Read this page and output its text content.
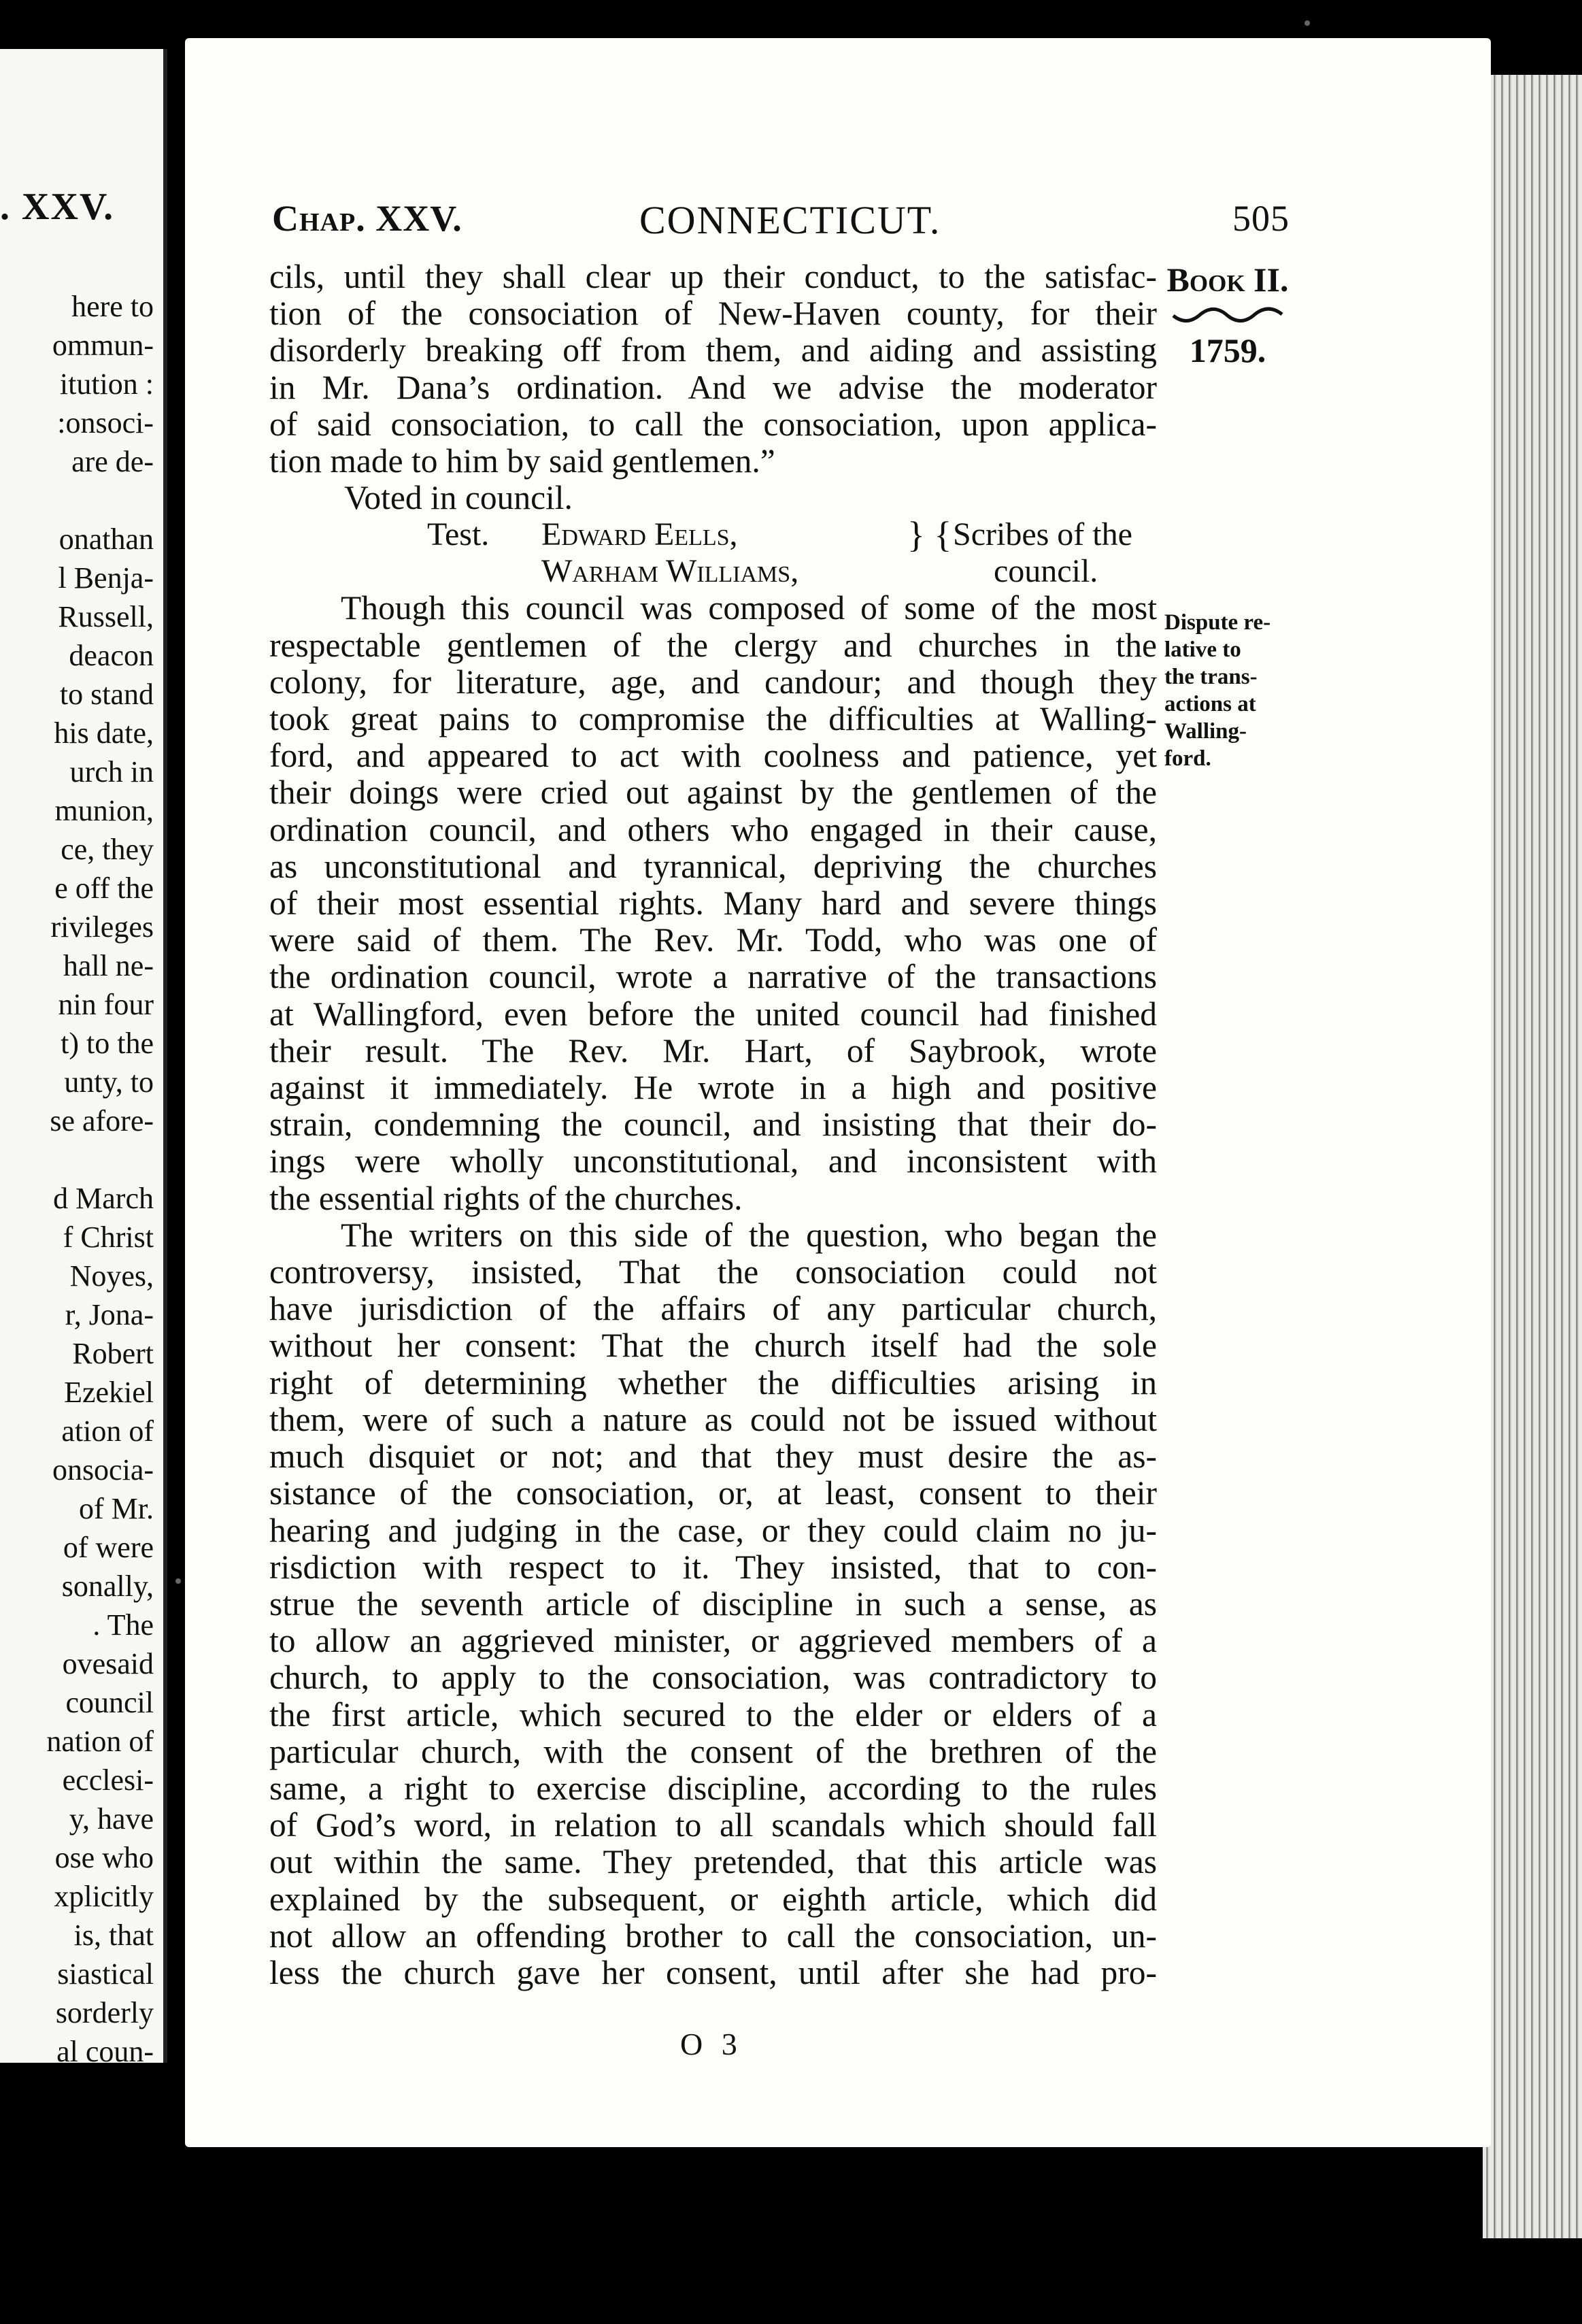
. XXV.
here to
ommun-
itution :
:onsoci-
are de-
onathan
l Benja-
Russell,
deacon
to stand
his date,
urch in
munion,
ce, they
e off the
rivileges
hall ne-
nin four
t) to the
unty, to
se afore-
d March
f Christ
Noyes,
r, Jona-
Robert
Ezekiel
ation of
onsocia-
of Mr.
of were
sonally,
. The
ovesaid
council
nation of
ecclesi-
y, have
ose who
xplicitly
is, that
siastical
sorderly
al coun-
Chap. XXV.	CONNECTICUT.	505
Book II.
1759.
Dispute re-
lative to
the trans-
actions at
Walling-
ford.
cils, until they shall clear up their conduct, to the satisfac-
tion of the consociation of New-Haven county, for their
disorderly breaking off from them, and aiding and assisting
in Mr. Dana’s ordination. And we advise the moderator
of said consociation, to call the consociation, upon applica-
tion made to him by said gentlemen.”
Voted in council.
Test. Edward Eells,
Warham Williams,
} { Scribes of the
council.
Though this council was composed of some of the most
respectable gentlemen of the clergy and churches in the
colony, for literature, age, and candour; and though they
took great pains to compromise the difficulties at Walling-
ford, and appeared to act with coolness and patience, yet
their doings were cried out against by the gentlemen of the
ordination council, and others who engaged in their cause,
as unconstitutional and tyrannical, depriving the churches
of their most essential rights. Many hard and severe things
were said of them. The Rev. Mr. Todd, who was one of
the ordination council, wrote a narrative of the transactions
at Wallingford, even before the united council had finished
their result. The Rev. Mr. Hart, of Saybrook, wrote
against it immediately. He wrote in a high and positive
strain, condemning the council, and insisting that their do-
ings were wholly unconstitutional, and inconsistent with
the essential rights of the churches.
The writers on this side of the question, who began the
controversy, insisted, That the consociation could not
have jurisdiction of the affairs of any particular church,
without her consent: That the church itself had the sole
right of determining whether the difficulties arising in
them, were of such a nature as could not be issued without
much disquiet or not; and that they must desire the as-
sistance of the consociation, or, at least, consent to their
hearing and judging in the case, or they could claim no ju-
risdiction with respect to it. They insisted, that to con-
strue the seventh article of discipline in such a sense, as
to allow an aggrieved minister, or aggrieved members of a
church, to apply to the consociation, was contradictory to
the first article, which secured to the elder or elders of a
particular church, with the consent of the brethren of the
same, a right to exercise discipline, according to the rules
of God’s word, in relation to all scandals which should fall
out within the same. They pretended, that this article was
explained by the subsequent, or eighth article, which did
not allow an offending brother to call the consociation, un-
less the church gave her consent, until after she had pro-
O 3
